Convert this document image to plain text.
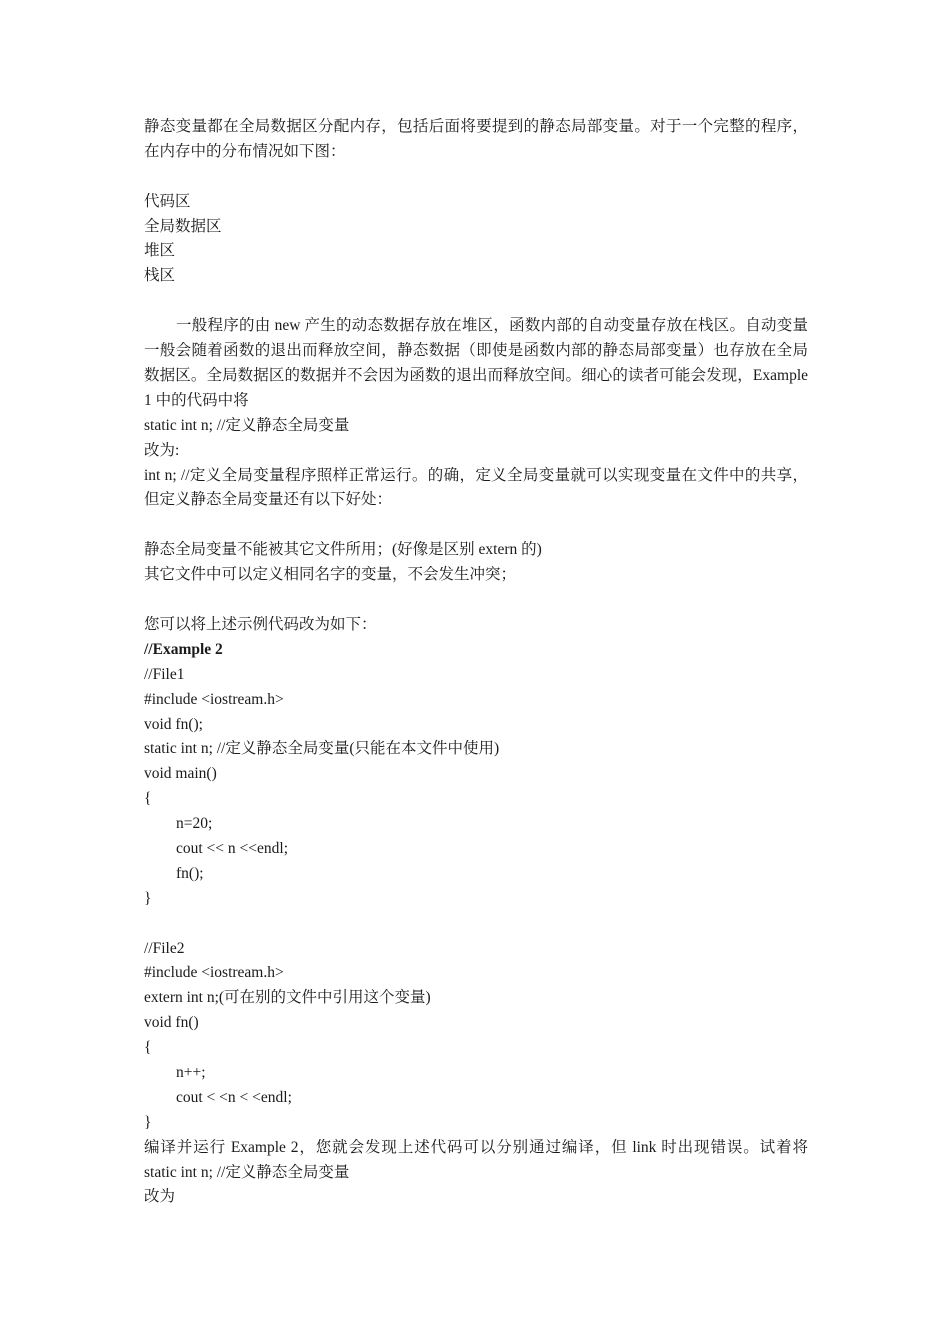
静态变量都在全局数据区分配内存，包括后面将要提到的静态局部变量。对于一个完整的程序，在内存中的分布情况如下图：
代码区
全局数据区
堆区
栈区
一般程序的由 new 产生的动态数据存放在堆区，函数内部的自动变量存放在栈区。自动变量一般会随着函数的退出而释放空间，静态数据（即使是函数内部的静态局部变量）也存放在全局数据区。全局数据区的数据并不会因为函数的退出而释放空间。细心的读者可能会发现，Example 1 中的代码中将
static int n; //定义静态全局变量
改为:
int n; //定义全局变量程序照样正常运行。的确，定义全局变量就可以实现变量在文件中的共享，但定义静态全局变量还有以下好处：
静态全局变量不能被其它文件所用；(好像是区别 extern 的)
其它文件中可以定义相同名字的变量，不会发生冲突；
您可以将上述示例代码改为如下：
//Example 2
//File1
#include <iostream.h>
void fn();
static int n; //定义静态全局变量(只能在本文件中使用)
void main()
{
n=20;
cout << n <<endl;
fn();
}
//File2
#include <iostream.h>
extern int n;(可在别的文件中引用这个变量)
void fn()
{
n++;
cout < <n < <endl;
}
编译并运行 Example 2，您就会发现上述代码可以分别通过编译，但 link 时出现错误。试着将 static int n; //定义静态全局变量
改为
